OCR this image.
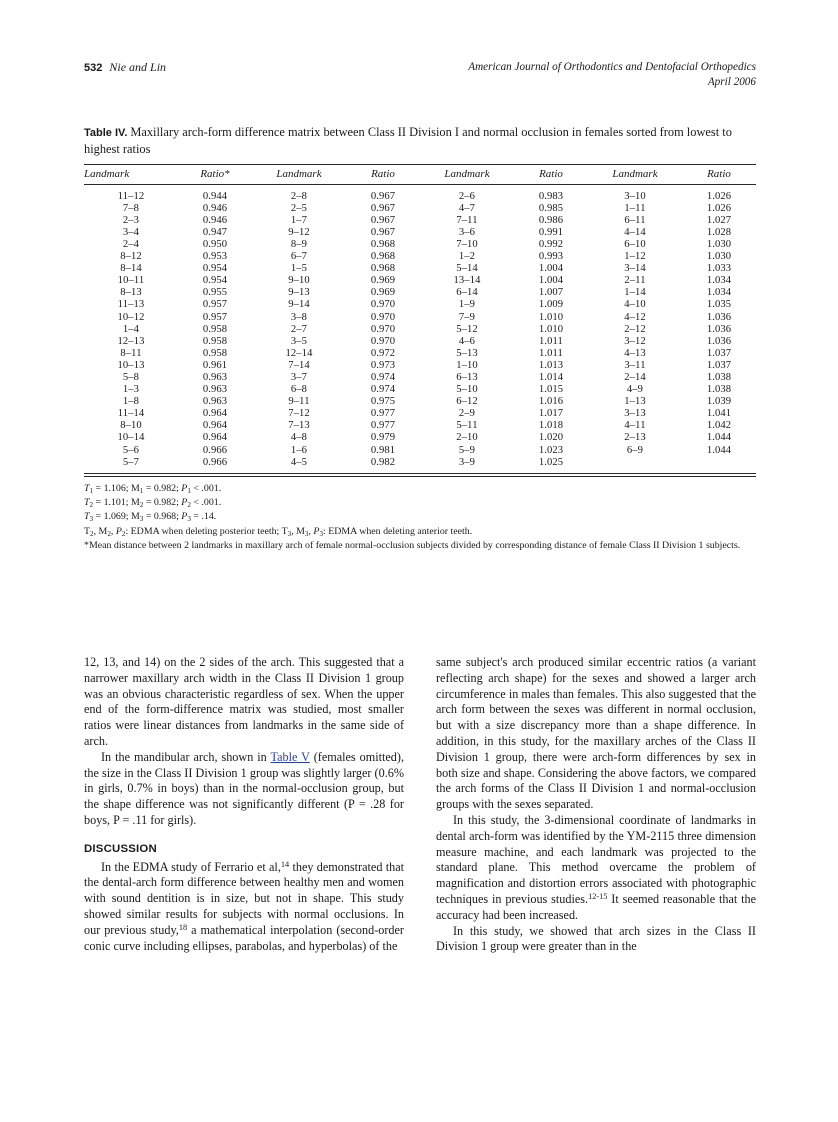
532 Nie and Lin	American Journal of Orthodontics and Dentofacial Orthopedics
April 2006
Table IV. Maxillary arch-form difference matrix between Class II Division I and normal occlusion in females sorted from lowest to highest ratios
Landmark	Ratio*	Landmark	Ratio	Landmark	Ratio	Landmark	Ratio
11–12	0.944	2–8	0.967	2–6	0.983	3–10	1.026
7–8	0.946	2–5	0.967	4–7	0.985	1–11	1.026
2–3	0.946	1–7	0.967	7–11	0.986	6–11	1.027
3–4	0.947	9–12	0.967	3–6	0.991	4–14	1.028
2–4	0.950	8–9	0.968	7–10	0.992	6–10	1.030
8–12	0.953	6–7	0.968	1–2	0.993	1–12	1.030
8–14	0.954	1–5	0.968	5–14	1.004	3–14	1.033
10–11	0.954	9–10	0.969	13–14	1.004	2–11	1.034
8–13	0.955	9–13	0.969	6–14	1.007	1–14	1.034
11–13	0.957	9–14	0.970	1–9	1.009	4–10	1.035
10–12	0.957	3–8	0.970	7–9	1.010	4–12	1.036
1–4	0.958	2–7	0.970	5–12	1.010	2–12	1.036
12–13	0.958	3–5	0.970	4–6	1.011	3–12	1.036
8–11	0.958	12–14	0.972	5–13	1.011	4–13	1.037
10–13	0.961	7–14	0.973	1–10	1.013	3–11	1.037
5–8	0.963	3–7	0.974	6–13	1.014	2–14	1.038
1–3	0.963	6–8	0.974	5–10	1.015	4–9	1.038
1–8	0.963	9–11	0.975	6–12	1.016	1–13	1.039
11–14	0.964	7–12	0.977	2–9	1.017	3–13	1.041
8–10	0.964	7–13	0.977	5–11	1.018	4–11	1.042
10–14	0.964	4–8	0.979	2–10	1.020	2–13	1.044
5–6	0.966	1–6	0.981	5–9	1.023	6–9	1.044
5–7	0.966	4–5	0.982	3–9	1.025		
$T_1 = 1.106$; $M_1 = 0.982$; $P_1 < .001$.
$T_2 = 1.101$; $M_2 = 0.982$; $P_2 < .001$.
$T_3 = 1.069$; $M_3 = 0.968$; $P_3 = .14$.
$T_2$, $M_2$, $P_2$: EDMA when deleting posterior teeth; $T_3$, $M_3$, $P_3$: EDMA when deleting anterior teeth.
*Mean distance between 2 landmarks in maxillary arch of female normal-occlusion subjects divided by corresponding distance of female Class II Division 1 subjects.

12, 13, and 14) on the 2 sides of the arch. This suggested that a narrower maxillary arch width in the Class II Division 1 group was an obvious characteristic regardless of sex. When the upper end of the form-difference matrix was studied, most smaller ratios were linear distances from landmarks in the same side of arch.

In the mandibular arch, shown in Table V (females omitted), the size in the Class II Division 1 group was slightly larger (0.6% in girls, 0.7% in boys) than in the normal-occlusion group, but the shape difference was not significantly different (P = .28 for boys, P = .11 for girls).

DISCUSSION

In the EDMA study of Ferrario et al,$^{14}$ they demonstrated that the dental-arch form difference between healthy men and women with sound dentition is in size, but not in shape. This study showed similar results for subjects with normal occlusions. In our previous study,$^{18}$ a mathematical interpolation (second-order conic curve including ellipses, parabolas, and hyperbolas) of the

same subject's arch produced similar eccentric ratios (a variant reflecting arch shape) for the sexes and showed a larger arch circumference in males than females. This also suggested that the arch form between the sexes was different in normal occlusion, but with a size discrepancy more than a shape difference. In addition, in this study, for the maxillary arches of the Class II Division 1 group, there were arch-form differences by sex in both size and shape. Considering the above factors, we compared the arch forms of the Class II Division 1 and normal-occlusion groups with the sexes separated.

In this study, the 3-dimensional coordinate of landmarks in dental arch-form was identified by the YM-2115 three dimension measure machine, and each landmark was projected to the standard plane. This method overcame the problem of magnification and distortion errors associated with photographic techniques in previous studies.$^{12-15}$ It seemed reasonable that the accuracy had been increased.

In this study, we showed that arch sizes in the Class II Division 1 group were greater than in the
